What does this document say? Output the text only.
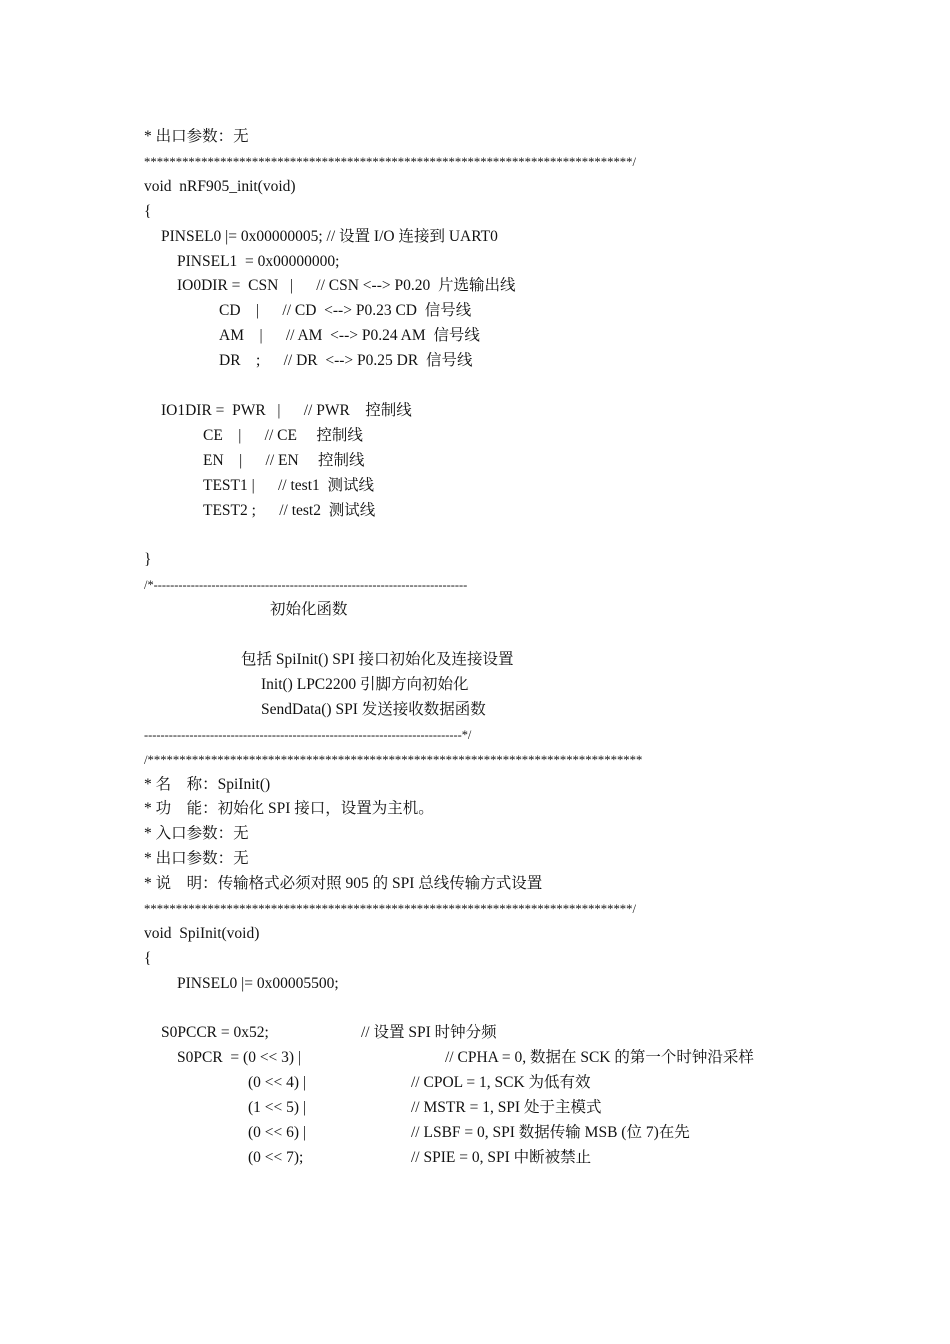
* 出口参数：无
*****************************************************************************/
void  nRF905_init(void)
{
PINSEL0 |= 0x00000005; // 设置 I/O 连接到 UART0
PINSEL1  = 0x00000000;
IO0DIR =  CSN   |      // CSN <--> P0.20  片选输出线
CD    |      // CD  <--> P0.23 CD  信号线
AM    |      // AM  <--> P0.24 AM  信号线
DR    ;      // DR  <--> P0.25 DR  信号线
IO1DIR =  PWR   |      // PWR    控制线
CE    |      // CE     控制线
EN    |      // EN     控制线
TEST1 |      // test1  测试线
TEST2 ;      // test2  测试线
}
/*----------------------------------------------------------------------------
初始化函数
包括 SpiInit() SPI 接口初始化及连接设置
Init() LPC2200 引脚方向初始化
SendData() SPI 发送接收数据函数
-----------------------------------------------------------------------------*/
/******************************************************************************
* 名    称：SpiInit()
* 功    能：初始化 SPI 接口，设置为主机。
* 入口参数：无
* 出口参数：无
* 说    明：传输格式必须对照 905 的 SPI 总线传输方式设置
*****************************************************************************/
void  SpiInit(void)
{
PINSEL0 |= 0x00005500;
S0PCCR = 0x52;	// 设置 SPI 时钟分频
S0PCR  = (0 << 3) |	// CPHA = 0, 数据在 SCK 的第一个时钟沿采样
(0 << 4) |	// CPOL = 1, SCK 为低有效
(1 << 5) |	// MSTR = 1, SPI 处于主模式
(0 << 6) |	// LSBF = 0, SPI 数据传输 MSB (位 7)在先
(0 << 7);	// SPIE = 0, SPI 中断被禁止
